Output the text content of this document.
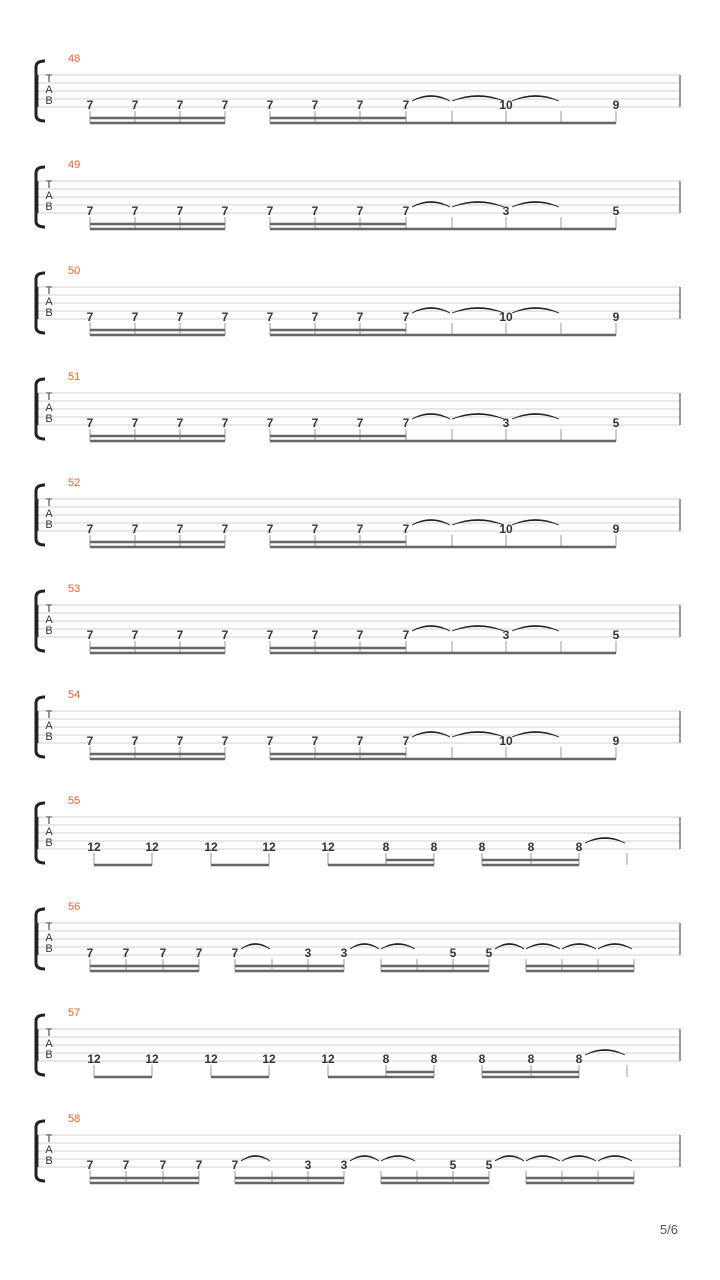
48
T
A
B	7	7	7	7	7	7	7	7	10	9
49
T
A
B	7	7	7	7	7	7	7	7	3	5
50
T
A
B	7	7	7	7	7	7	7	7	10	9
51
T
A
B	7	7	7	7	7	7	7	7	3	5
52
T
A
B	7	7	7	7	7	7	7	7	10	9
53
T
A
B	7	7	7	7	7	7	7	7	3	5
54
T
A
B	7	7	7	7	7	7	7	7	10	9
55
T
A
B	12	12	12	12	12	8	8	8	8	8
56
T
A
B	7 7	7 7 7	3 3	5 5
57
T
A
B	12	12	12	12	12	8	8	8	8	8
58
T
A
B	7 7	7 7 7	3 3	5 5
5/6
